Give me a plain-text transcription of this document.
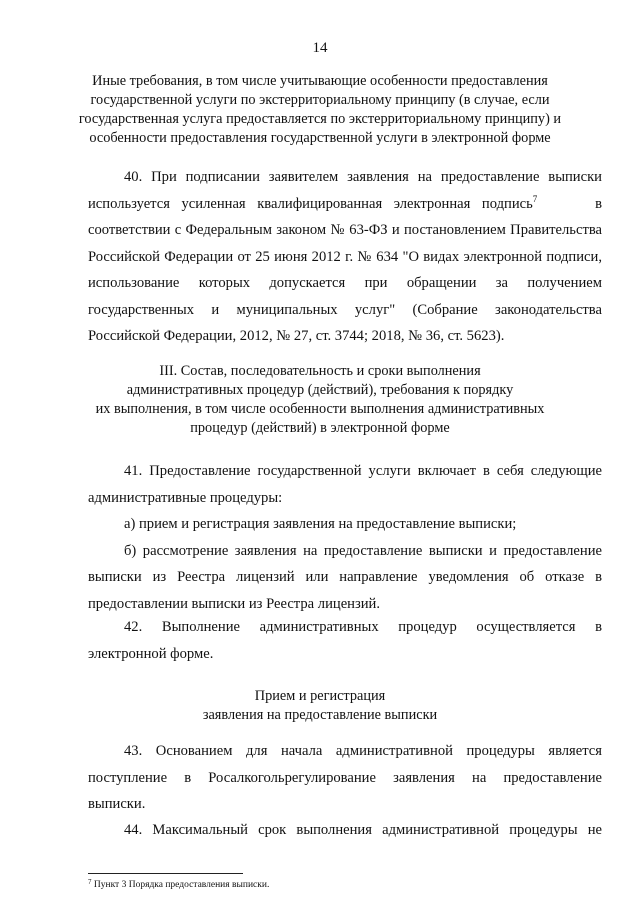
14
Иные требования, в том числе учитывающие особенности предоставления
государственной услуги по экстерриториальному принципу (в случае, если
государственная услуга предоставляется по экстерриториальному принципу) и
особенности предоставления государственной услуги в электронной форме

40. При подписании заявителем заявления на предоставление выписки

используется усиленная квалифицированная электронная подпись$^7$	в

соответствии с Федеральным законом № 63-ФЗ и постановлением Правительства

Российской Федерации от 25 июня 2012 г. № 634 "О видах электронной подписи,

использование которых допускается при обращении за получением

государственных и муниципальных услуг" (Собрание законодательства

Российской Федерации, 2012, № 27, ст. 3744; 2018, № 36, ст. 5623).

III. Состав, последовательность и сроки выполнения
административных процедур (действий), требования к порядку
их выполнения, в том числе особенности выполнения административных
процедур (действий) в электронной форме

41. Предоставление государственной услуги включает в себя следующие

административные процедуры:

а) прием и регистрация заявления на предоставление выписки;

б) рассмотрение заявления на предоставление выписки и предоставление

выписки из Реестра лицензий или направление уведомления об отказе в

предоставлении выписки из Реестра лицензий.

42. Выполнение административных процедур осуществляется в

электронной форме.

Прием и регистрация
заявления на предоставление выписки

43. Основанием для начала административной процедуры является

поступление в Росалкогольрегулирование заявления на предоставление

выписки.

44. Максимальный срок выполнения административной процедуры не

$^7$ Пункт 3 Порядка предоставления выписки.
